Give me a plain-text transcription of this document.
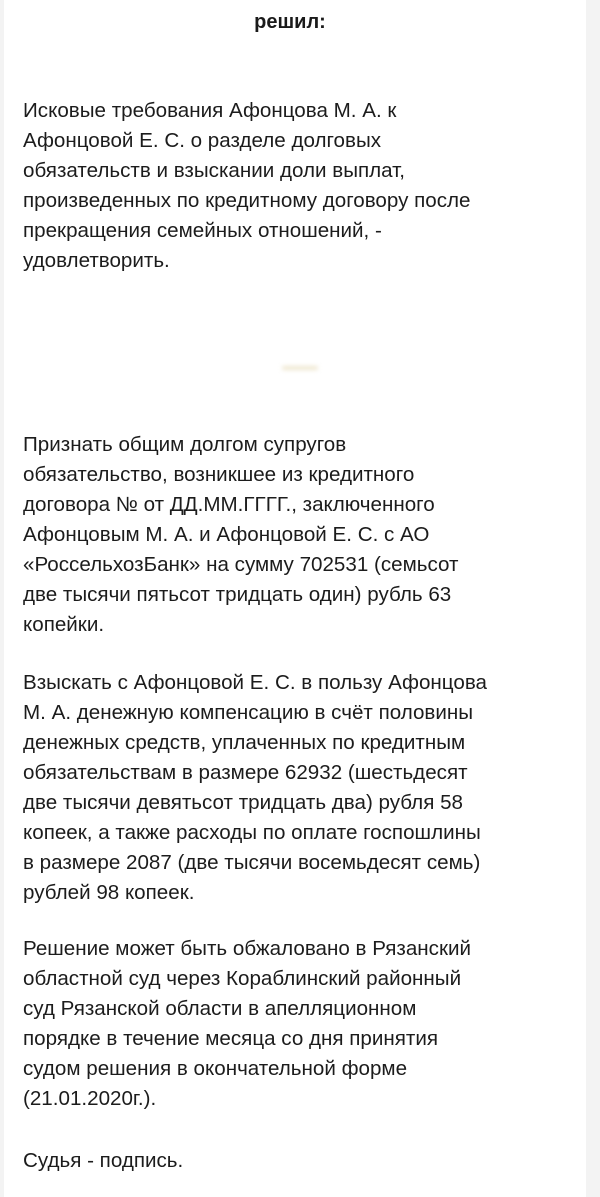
решил:

Исковые требования Афонцова М. А. к
Афонцовой Е. С. о разделе долговых
обязательств и взыскании доли выплат,
произведенных по кредитному договору после
прекращения семейных отношений, -
удовлетворить.

Признать общим долгом супругов
обязательство, возникшее из кредитного
договора № от ДД.ММ.ГГГГ., заключенного
Афонцовым М. А. и Афонцовой Е. С. с АО
«РоссельхозБанк» на сумму 702531 (семьсот
две тысячи пятьсот тридцать один) рубль 63
копейки.

Взыскать с Афонцовой Е. С. в пользу Афонцова
М. А. денежную компенсацию в счёт половины
денежных средств, уплаченных по кредитным
обязательствам в размере 62932 (шестьдесят
две тысячи девятьсот тридцать два) рубля 58
копеек, а также расходы по оплате госпошлины
в размере 2087 (две тысячи восемьдесят семь)
рублей 98 копеек.

Решение может быть обжаловано в Рязанский
областной суд через Кораблинский районный
суд Рязанской области в апелляционном
порядке в течение месяца со дня принятия
судом решения в окончательной форме
(21.01.2020г.).

Судья - подпись.
